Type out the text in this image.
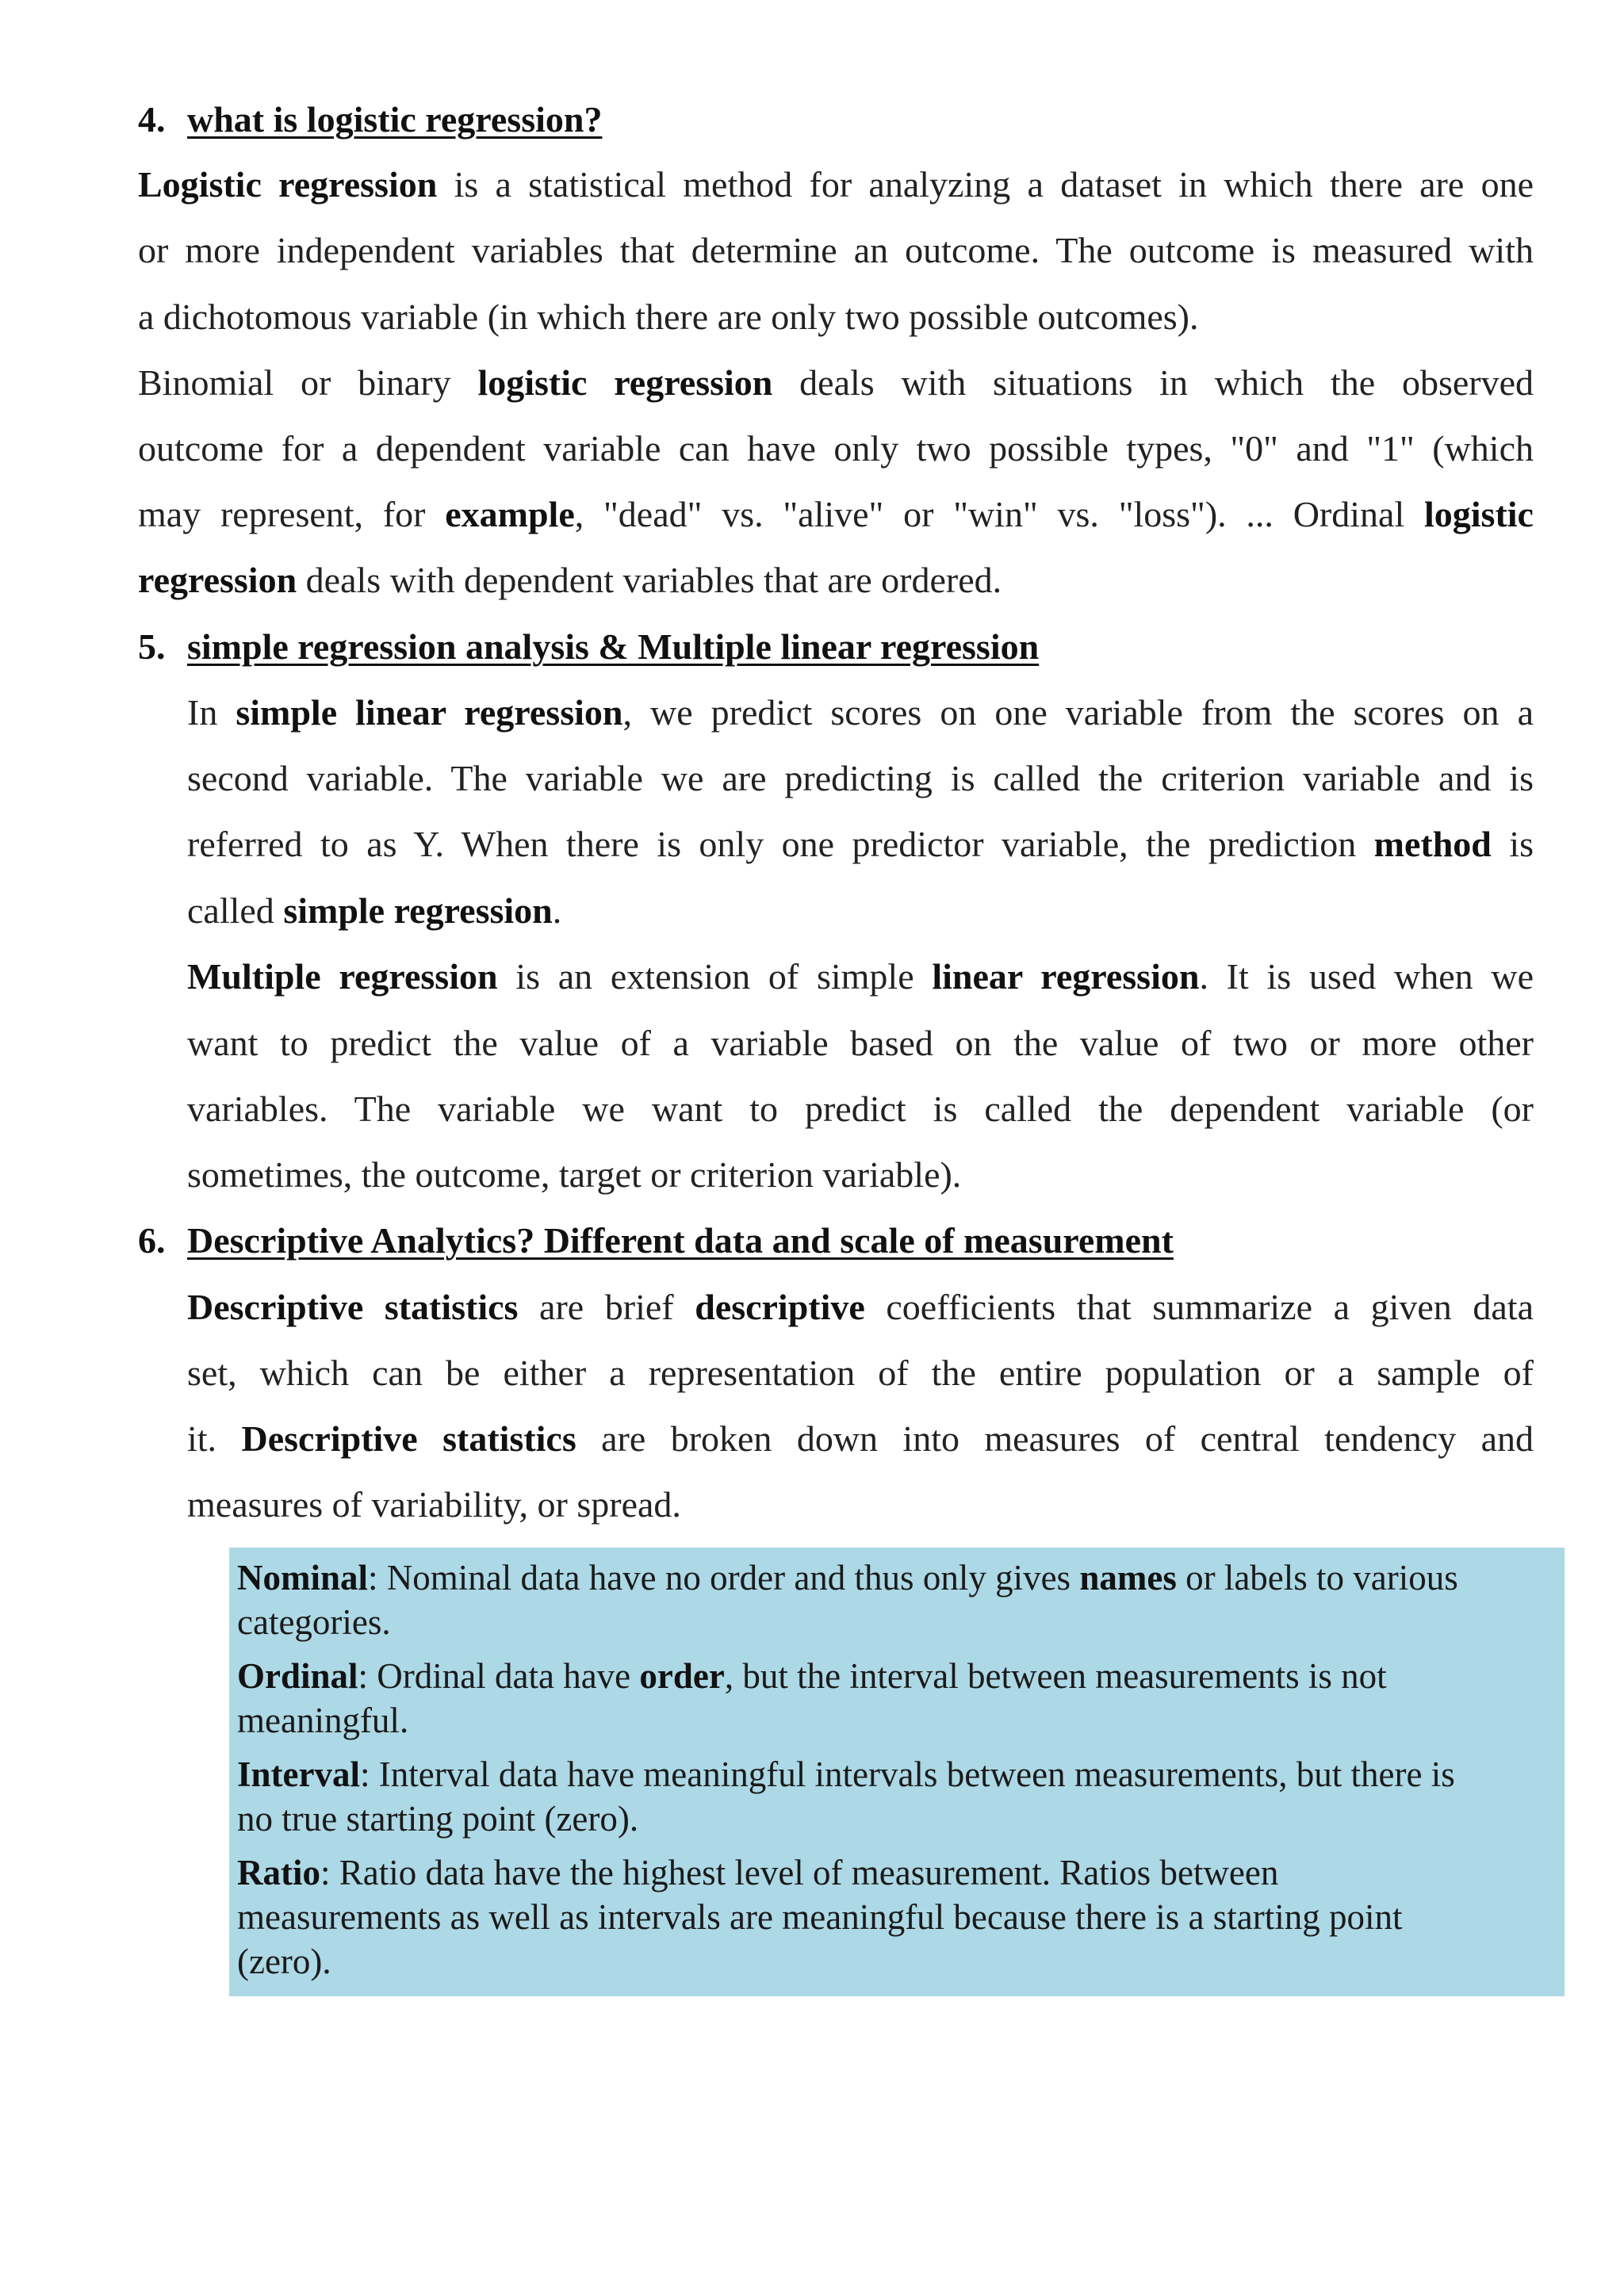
4. what is logistic regression?
Logistic regression is a statistical method for analyzing a dataset in which there are one
or more independent variables that determine an outcome. The outcome is measured with
a dichotomous variable (in which there are only two possible outcomes).
Binomial or binary logistic regression deals with situations in which the observed
outcome for a dependent variable can have only two possible types, "0" and "1" (which
may represent, for example, "dead" vs. "alive" or "win" vs. "loss"). ... Ordinal logistic
regression deals with dependent variables that are ordered.
5. simple regression analysis & Multiple linear regression
In simple linear regression, we predict scores on one variable from the scores on a
second variable. The variable we are predicting is called the criterion variable and is
referred to as Y. When there is only one predictor variable, the prediction method is
called simple regression.
Multiple regression is an extension of simple linear regression. It is used when we
want to predict the value of a variable based on the value of two or more other
variables. The variable we want to predict is called the dependent variable (or
sometimes, the outcome, target or criterion variable).
6. Descriptive Analytics? Different data and scale of measurement
Descriptive statistics are brief descriptive coefficients that summarize a given data
set, which can be either a representation of the entire population or a sample of
it. Descriptive statistics are broken down into measures of central tendency and
measures of variability, or spread.
Nominal: Nominal data have no order and thus only gives names or labels to various
categories.
Ordinal: Ordinal data have order, but the interval between measurements is not
meaningful.
Interval: Interval data have meaningful intervals between measurements, but there is
no true starting point (zero).
Ratio: Ratio data have the highest level of measurement. Ratios between
measurements as well as intervals are meaningful because there is a starting point
(zero).
